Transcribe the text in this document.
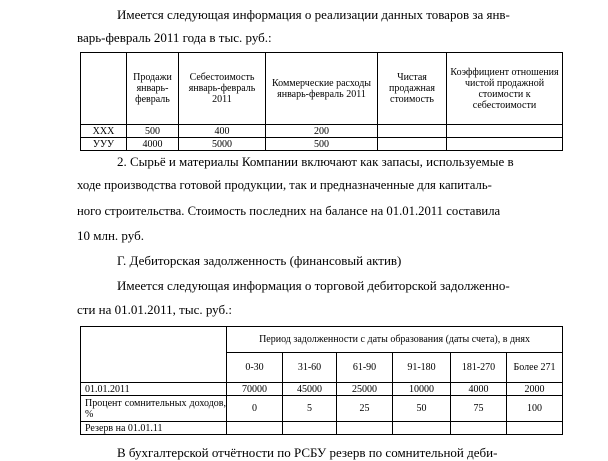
Имеется следующая информация о реализации данных товаров за янв-
варь-февраль 2011 года в тыс. руб.:
	Продажи январь-февраль	Себестоимость январь-февраль 2011	Коммерческие расходы январь-февраль 2011	Чистая продажная стоимость	Коэффициент отношения чистой продажной стоимости к себестоимости
ХХХ	500	400	200		
УУУ	4000	5000	500		
2. Сырьё и материалы Компании включают как запасы, используемые в
ходе производства готовой продукции, так и предназначенные для капиталь-
ного строительства. Стоимость последних на балансе на 01.01.2011 составила
10 млн. руб.
Г. Дебиторская задолженность (финансовый актив)
Имеется следующая информация о торговой дебиторской задолженно-
сти на 01.01.2011, тыс. руб.:
	Период задолженности с даты образования (даты счета), в днях					
	0-30	31-60	61-90	91-180	181-270	Более 271
01.01.2011	70000	45000	25000	10000	4000	2000
Процент сомнительных доходов, %	0	5	25	50	75	100
Резерв на 01.01.11						
В бухгалтерской отчётности по РСБУ резерв по сомнительной деби-
